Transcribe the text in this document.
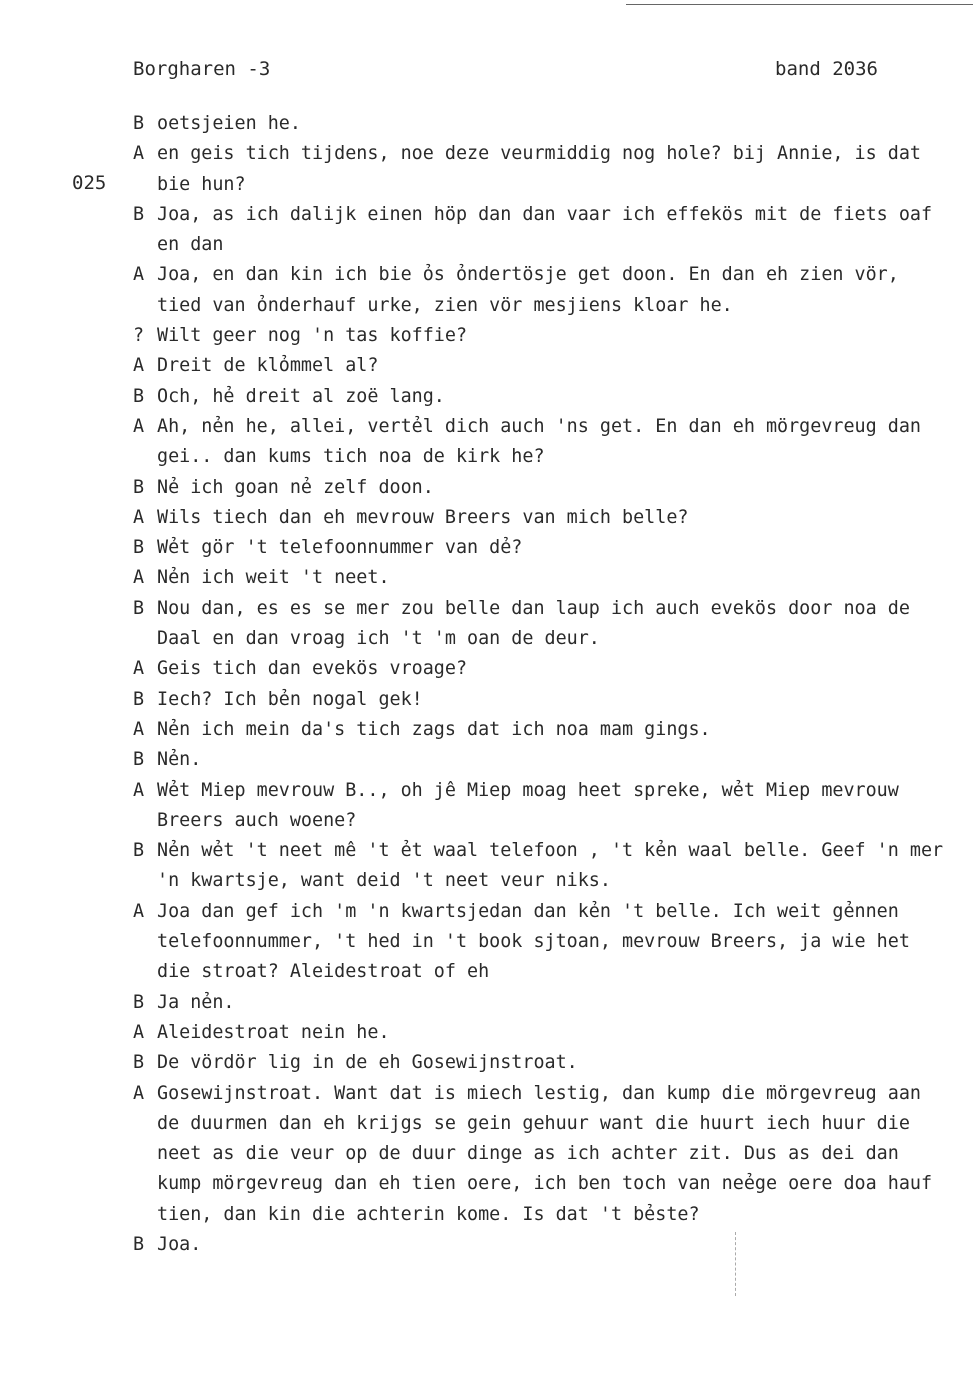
Borgharen -3	band 2036
025
B oetsjeien he.
A en geis tich tijdens, noe deze veurmiddig nog hole? bij Annie, is dat bie hun?
B Joa, as ich dalijk einen höp dan dan vaar ich effekös mit de fiets oaf en dan
A Joa, en dan kin ich bie ỏs ỏndertösje get doon. En dan eh zien vör, tied van ỏnderhauf urke, zien vör mesjiens kloar he.
? Wilt geer nog 'n tas koffie?
A Dreit de klỏmmel al?
B Och, hẻ dreit al zoë lang.
A Ah, nẻn he, allei, vertẻl dich auch 'ns get. En dan eh mörgevreug dan gei.. dan kums tich noa de kirk he?
B Nẻ ich goan nẻ zelf doon.
A Wils tiech dan eh mevrouw Breers van mich belle?
B Wẻt gör 't telefoonnummer van dẻ?
A Nẻn ich weit 't neet.
B Nou dan, es es se mer zou belle dan laup ich auch evekös door noa de Daal en dan vroag ich 't 'm oan de deur.
A Geis tich dan evekös vroage?
B Iech? Ich bẻn nogal gek!
A Nẻn ich mein da's tich zags dat ich noa mam gings.
B Nẻn.
A Wẻt Miep mevrouw B.., oh jê Miep moag heet spreke, wẻt Miep mevrouw Breers auch woene?
B Nẻn wẻt 't neet mê 't ẻt waal telefoon , 't kẻn waal belle. Geef 'n mer 'n kwartsje, want deid 't neet veur niks.
A Joa dan gef ich 'm 'n kwartsjedan dan kẻn 't belle. Ich weit gẻnnen telefoonnummer, 't hed in 't book sjtoan, mevrouw Breers, ja wie het die stroat? Aleidestroat of eh
B Ja nẻn.
A Aleidestroat nein he.
B De vördör lig in de eh Gosewijnstroat.
A Gosewijnstroat. Want dat is miech lestig, dan kump die mörgevreug aan de duurmen dan eh krijgs se gein gehuur want die huurt iech huur die neet as die veur op de duur dinge as ich achter zit. Dus as dei dan kump mörgevreug dan eh tien oere, ich ben toch van neẻge oere doa hauf tien, dan kin die achterin kome. Is dat 't bẻste?
B Joa.
